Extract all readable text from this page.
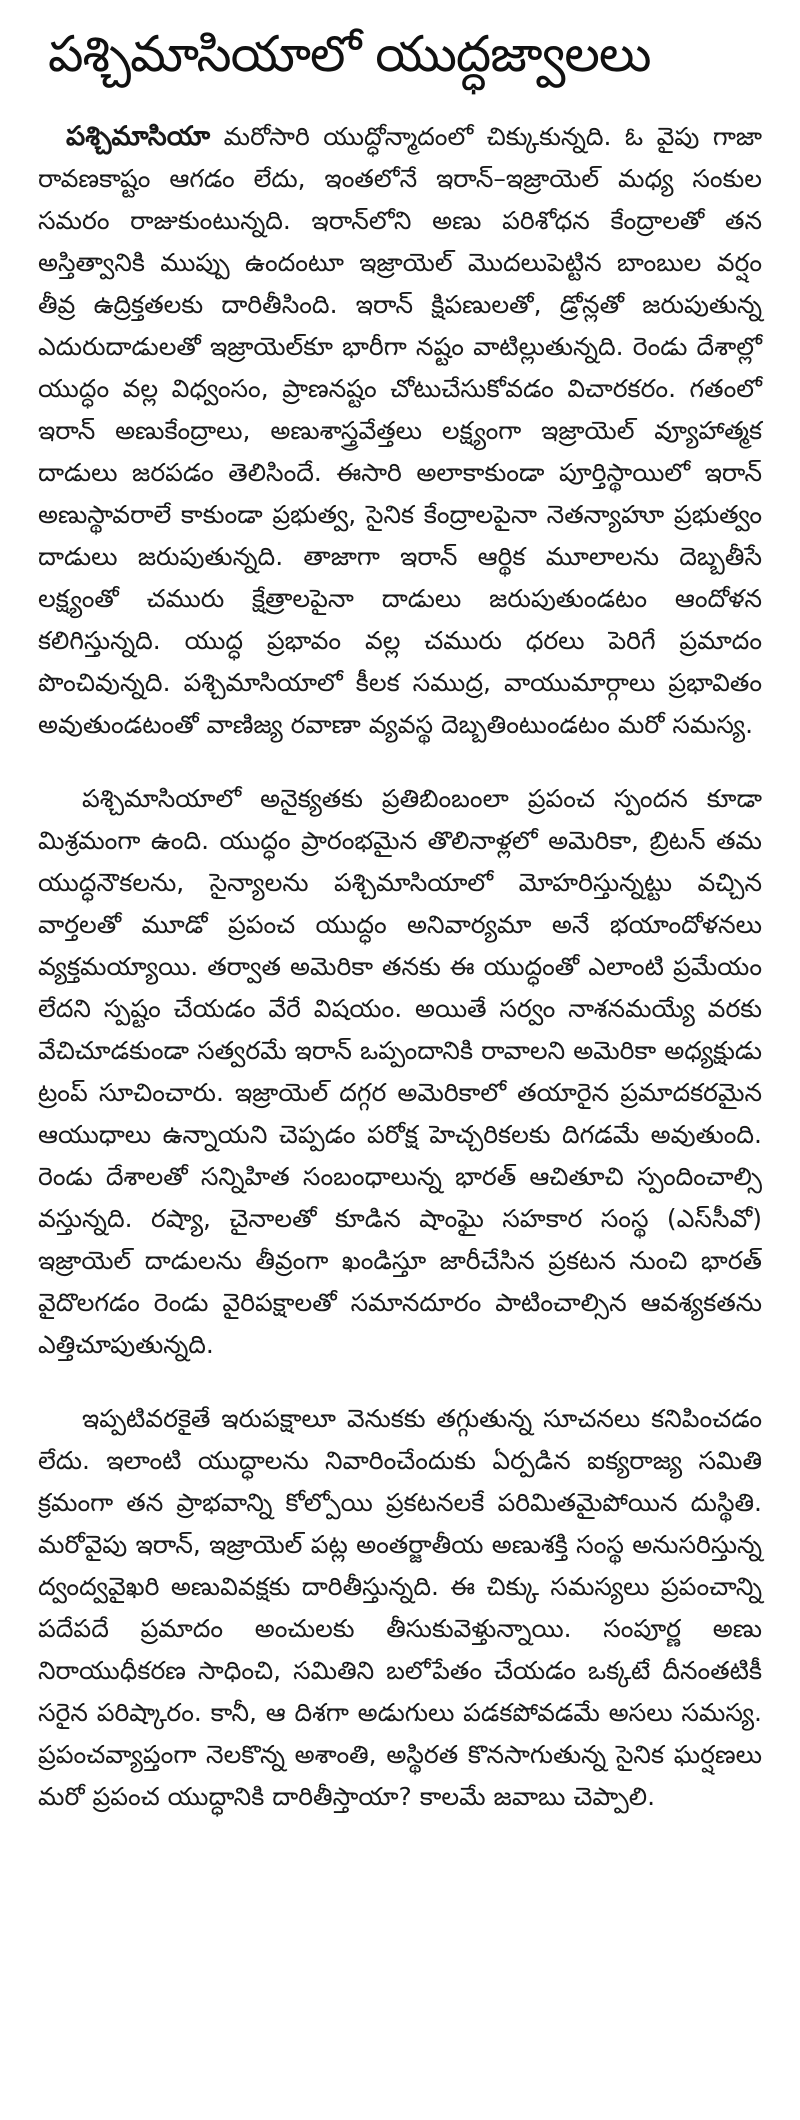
పశ్చిమాసియాలో యుద్ధజ్వాలలు

పశ్చిమాసియా మరోసారి యుద్ధోన్మాదంలో చిక్కుకున్నది. ఓ వైపు గాజా రావణకాష్టం ఆగడం లేదు, ఇంతలోనే ఇరాన్–ఇజ్రాయెల్ మధ్య సంకుల సమరం రాజుకుంటున్నది. ఇరాన్‌లోని అణు పరిశోధన కేంద్రాలతో తన అస్తిత్వానికి ముప్పు ఉందంటూ ఇజ్రాయెల్ మొదలుపెట్టిన బాంబుల వర్షం తీవ్ర ఉద్రిక్తతలకు దారితీసింది. ఇరాన్ క్షిపణులతో, డ్రోన్లతో జరుపుతున్న ఎదురుదాడులతో ఇజ్రాయెల్‌కూ భారీగా నష్టం వాటిల్లుతున్నది. రెండు దేశాల్లో యుద్ధం వల్ల విధ్వంసం, ప్రాణనష్టం చోటుచేసుకోవడం విచారకరం. గతంలో ఇరాన్ అణుకేంద్రాలు, అణుశాస్త్రవేత్తలు లక్ష్యంగా ఇజ్రాయెల్ వ్యూహాత్మక దాడులు జరపడం తెలిసిందే. ఈసారి అలాకాకుండా పూర్తిస్థాయిలో ఇరాన్ అణుస్థావరాలే కాకుండా ప్రభుత్వ, సైనిక కేంద్రాలపైనా నెతన్యాహూ ప్రభుత్వం దాడులు జరుపుతున్నది. తాజాగా ఇరాన్ ఆర్థిక మూలాలను దెబ్బతీసే లక్ష్యంతో చమురు క్షేత్రాలపైనా దాడులు జరుపుతుండటం ఆందోళన కలిగిస్తున్నది. యుద్ధ ప్రభావం వల్ల చమురు ధరలు పెరిగే ప్రమాదం పొంచివున్నది. పశ్చిమాసియాలో కీలక సముద్ర, వాయుమార్గాలు ప్రభావితం అవుతుండటంతో వాణిజ్య రవాణా వ్యవస్థ దెబ్బతింటుండటం మరో సమస్య.

పశ్చిమాసియాలో అనైక్యతకు ప్రతిబింబంలా ప్రపంచ స్పందన కూడా మిశ్రమంగా ఉంది. యుద్ధం ప్రారంభమైన తొలినాళ్లలో అమెరికా, బ్రిటన్ తమ యుద్ధనౌకలను, సైన్యాలను పశ్చిమాసియాలో మోహరిస్తున్నట్టు వచ్చిన వార్తలతో మూడో ప్రపంచ యుద్ధం అనివార్యమా అనే భయాందోళనలు వ్యక్తమయ్యాయి. తర్వాత అమెరికా తనకు ఈ యుద్ధంతో ఎలాంటి ప్రమేయం లేదని స్పష్టం చేయడం వేరే విషయం. అయితే సర్వం నాశనమయ్యే వరకు వేచిచూడకుండా సత్వరమే ఇరాన్ ఒప్పందానికి రావాలని అమెరికా అధ్యక్షుడు ట్రంప్ సూచించారు. ఇజ్రాయెల్ దగ్గర అమెరికాలో తయారైన ప్రమాదకరమైన ఆయుధాలు ఉన్నాయని చెప్పడం పరోక్ష హెచ్చరికలకు దిగడమే అవుతుంది. రెండు దేశాలతో సన్నిహిత సంబంధాలున్న భారత్ ఆచితూచి స్పందించాల్సి వస్తున్నది. రష్యా, చైనాలతో కూడిన షాంఘై సహకార సంస్థ (ఎస్‌సీవో) ఇజ్రాయెల్ దాడులను తీవ్రంగా ఖండిస్తూ జారీచేసిన ప్రకటన నుంచి భారత్ వైదొలగడం రెండు వైరిపక్షాలతో సమానదూరం పాటించాల్సిన ఆవశ్యకతను ఎత్తిచూపుతున్నది.

ఇప్పటివరకైతే ఇరుపక్షాలూ వెనుకకు తగ్గుతున్న సూచనలు కనిపించడం లేదు. ఇలాంటి యుద్ధాలను నివారించేందుకు ఏర్పడిన ఐక్యరాజ్య సమితి క్రమంగా తన ప్రాభవాన్ని కోల్పోయి ప్రకటనలకే పరిమితమైపోయిన దుస్థితి. మరోవైపు ఇరాన్, ఇజ్రాయెల్ పట్ల అంతర్జాతీయ అణుశక్తి సంస్థ అనుసరిస్తున్న ద్వంద్వవైఖరి అణువివక్షకు దారితీస్తున్నది. ఈ చిక్కు సమస్యలు ప్రపంచాన్ని పదేపదే ప్రమాదం అంచులకు తీసుకువెళ్తున్నాయి. సంపూర్ణ అణు నిరాయుధీకరణ సాధించి, సమితిని బలోపేతం చేయడం ఒక్కటే దీనంతటికీ సరైన పరిష్కారం. కానీ, ఆ దిశగా అడుగులు పడకపోవడమే అసలు సమస్య. ప్రపంచవ్యాప్తంగా నెలకొన్న అశాంతి, అస్థిరత కొనసాగుతున్న సైనిక ఘర్షణలు మరో ప్రపంచ యుద్ధానికి దారితీస్తాయా? కాలమే జవాబు చెప్పాలి.
